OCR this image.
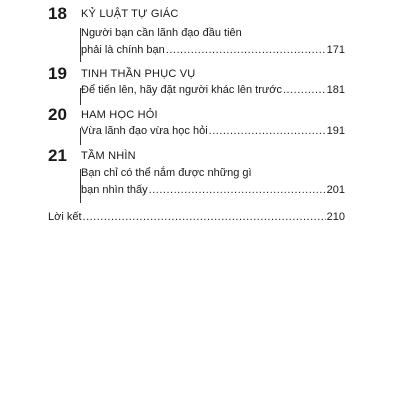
18 KỶ LUẬT TỰ GIÁC
Người bạn cần lãnh đạo đầu tiên
phải là chính bạn .....	171
19 TINH THẦN PHỤC VỤ
Để tiến lên, hãy đặt người khác lên trước .....	181
20 HAM HỌC HỎI
Vừa lãnh đạo vừa học hỏi .....	191
21 TẦM NHÌN
Bạn chỉ có thể nắm được những gì
bạn nhìn thấy .....	201
Lời kết .....	210
